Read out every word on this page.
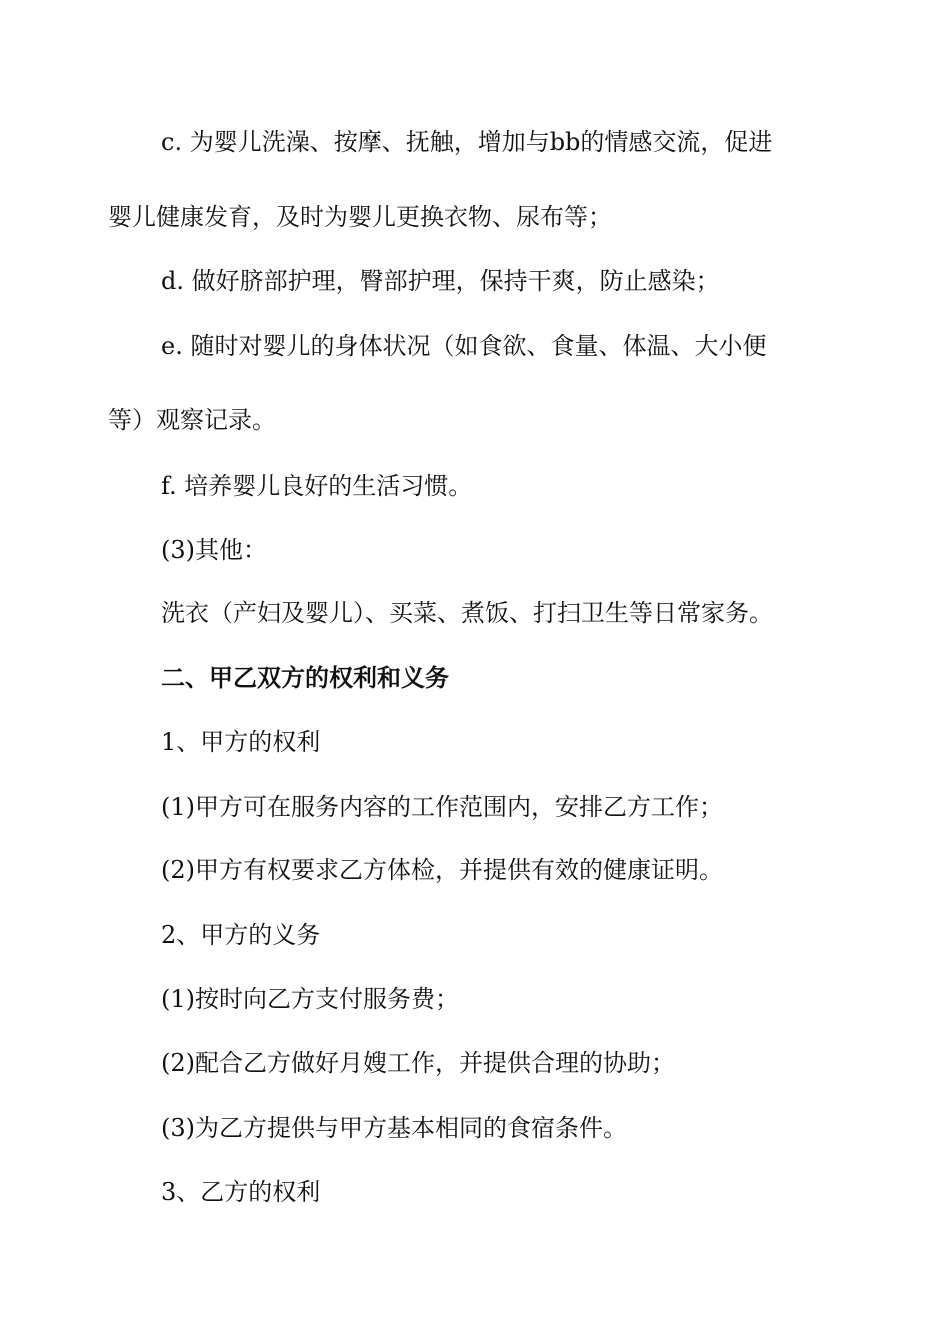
c. 为婴儿洗澡、按摩、抚触，增加与bb的情感交流，促进
婴儿健康发育，及时为婴儿更换衣物、尿布等；
d. 做好脐部护理，臀部护理，保持干爽，防止感染；
e. 随时对婴儿的身体状况（如食欲、食量、体温、大小便
等）观察记录。
f. 培养婴儿良好的生活习惯。
(3)其他：
洗衣（产妇及婴儿）、买菜、煮饭、打扫卫生等日常家务。
二、甲乙双方的权利和义务
1、甲方的权利
(1)甲方可在服务内容的工作范围内，安排乙方工作；
(2)甲方有权要求乙方体检，并提供有效的健康证明。
2、甲方的义务
(1)按时向乙方支付服务费；
(2)配合乙方做好月嫂工作，并提供合理的协助；
(3)为乙方提供与甲方基本相同的食宿条件。
3、乙方的权利
